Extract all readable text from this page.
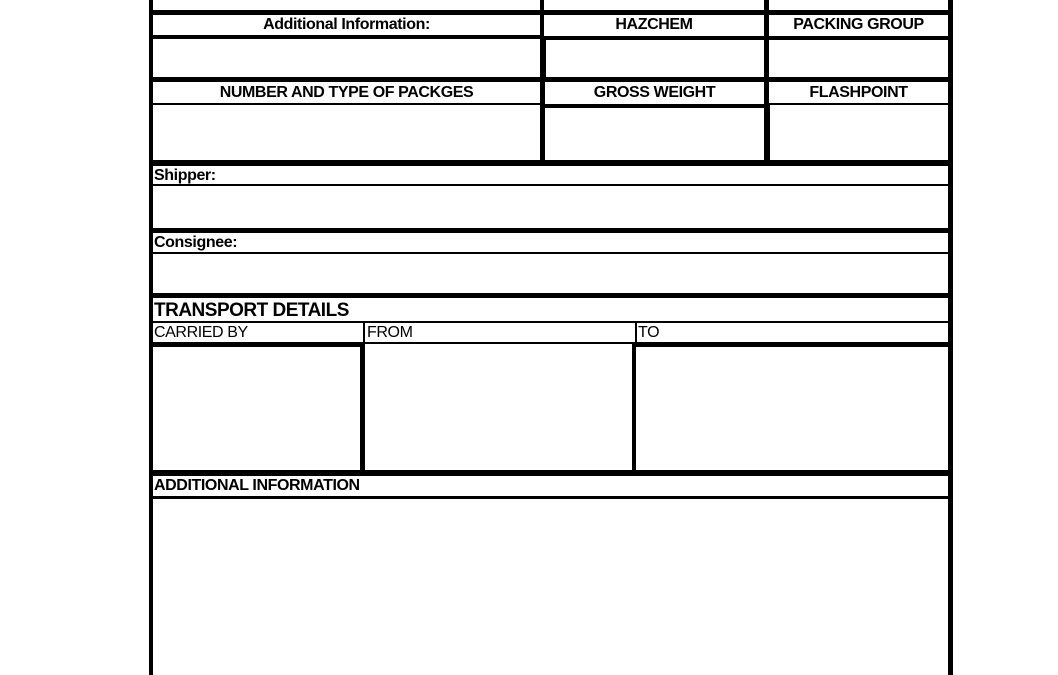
Additional Information:	HAZCHEM	PACKING GROUP
NUMBER AND TYPE OF PACKGES	GROSS WEIGHT	FLASHPOINT
Shipper:
Consignee:
TRANSPORT DETAILS
CARRIED BY	FROM	TO
ADDITIONAL INFORMATION
